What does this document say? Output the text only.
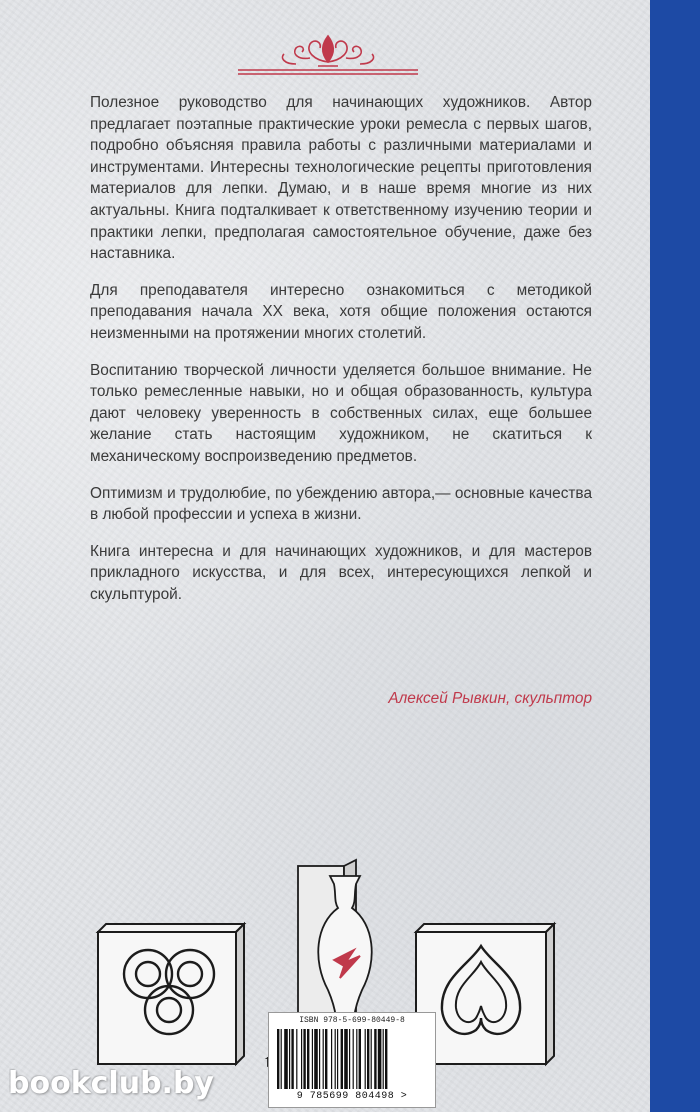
Полезное руководство для начинающих художников. Автор предлагает поэтапные практические уроки ремесла с первых шагов, подробно объясняя правила работы с различными материалами и инструментами. Интересны технологические рецепты приготовления материалов для лепки. Думаю, и в наше время многие из них актуальны. Книга подталкивает к ответственному изучению теории и практики лепки, предполагая самостоятельное обучение, даже без наставника.

Для преподавателя интересно ознакомиться с методикой преподавания начала XX века, хотя общие положения остаются неизменными на протяжении многих столетий.

Воспитанию творческой личности уделяется большое внимание. Не только ремесленные навыки, но и общая образованность, культура дают человеку уверенность в собственных силах, еще большее желание стать настоящим художником, не скатиться к механическому воспроизведению предметов.

Оптимизм и трудолюбие, по убеждению автора,— основные качества в любой профессии и успеха в жизни.

Книга интересна и для начинающих художников, и для мастеров прикладного искусства, и для всех, интересующихся лепкой и скульптурой.

Алексей Рывкин, скульптор
ISBN 978-5-699-80449-8
9 785699 804498 >
bookclub.by
